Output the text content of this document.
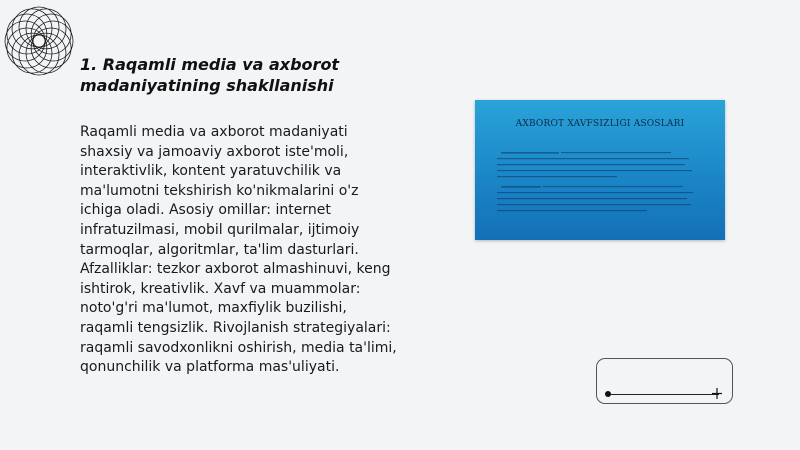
1. Raqamli media va axborot
madaniyatining shakllanishi
Raqamli media va axborot madaniyati
shaxsiy va jamoaviy axborot iste'moli,
interaktivlik, kontent yaratuvchilik va
ma'lumotni tekshirish ko'nikmalarini o'z
ichiga oladi. Asosiy omillar: internet
infratuzilmasi, mobil qurilmalar, ijtimoiy
tarmoqlar, algoritmlar, ta'lim dasturlari.
Afzalliklar: tezkor axborot almashinuvi, keng
ishtirok, kreativlik. Xavf va muammolar:
noto'g'ri ma'lumot, maxfiylik buzilishi,
raqamli tengsizlik. Rivojlanish strategiyalari:
raqamli savodxonlikni oshirish, media ta'limi,
qonunchilik va platforma mas'uliyati.
AXBOROT XAVFSIZLIGI ASOSLARI
